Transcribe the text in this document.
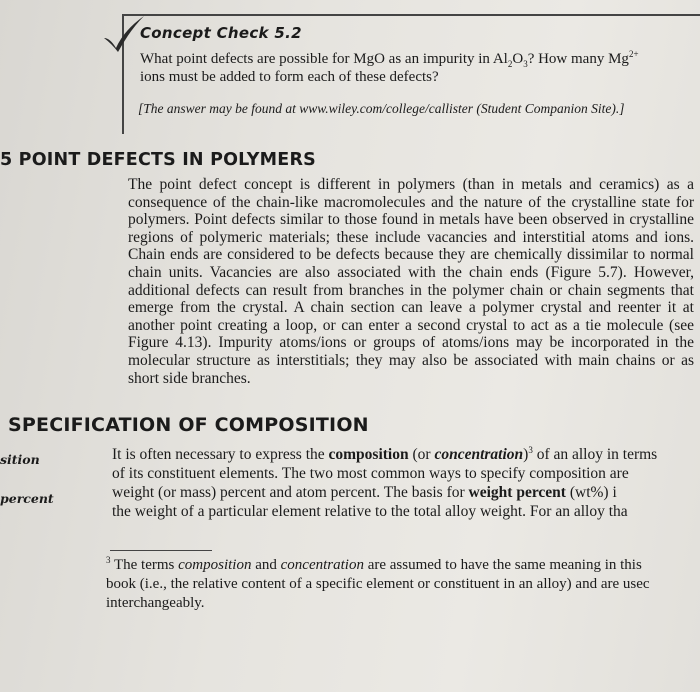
Concept Check 5.2
What point defects are possible for MgO as an impurity in $Al_2O_3$? How many $Mg^{2+}$
ions must be added to form each of these defects?
[The answer may be found at www.wiley.com/college/callister (Student Companion Site).]
5 POINT DEFECTS IN POLYMERS
The point defect concept is different in polymers (than in metals and ceramics) as a consequence of the chain-like macromolecules and the nature of the crystalline state for polymers. Point defects similar to those found in metals have been observed in crystalline regions of polymeric materials; these include vacancies and interstitial atoms and ions. Chain ends are considered to be defects because they are chemically dissimilar to normal chain units. Vacancies are also associated with the chain ends (Figure 5.7). However, additional defects can result from branches in the polymer chain or chain segments that emerge from the crystal. A chain section can leave a polymer crystal and reenter it at another point creating a loop, or can enter a second crystal to act as a tie molecule (see Figure 4.13). Impurity atoms/ions or groups of atoms/ions may be incorporated in the molecular structure as interstitials; they may also be associated with main chains or as short side branches.
SPECIFICATION OF COMPOSITION
sition
percent
It is often necessary to express the composition (or concentration)$^3$ of an alloy in terms
of its constituent elements. The two most common ways to specify composition are
weight (or mass) percent and atom percent. The basis for weight percent (wt%) i
the weight of a particular element relative to the total alloy weight. For an alloy tha
$^3$ The terms composition and concentration are assumed to have the same meaning in this
book (i.e., the relative content of a specific element or constituent in an alloy) and are usec
interchangeably.
